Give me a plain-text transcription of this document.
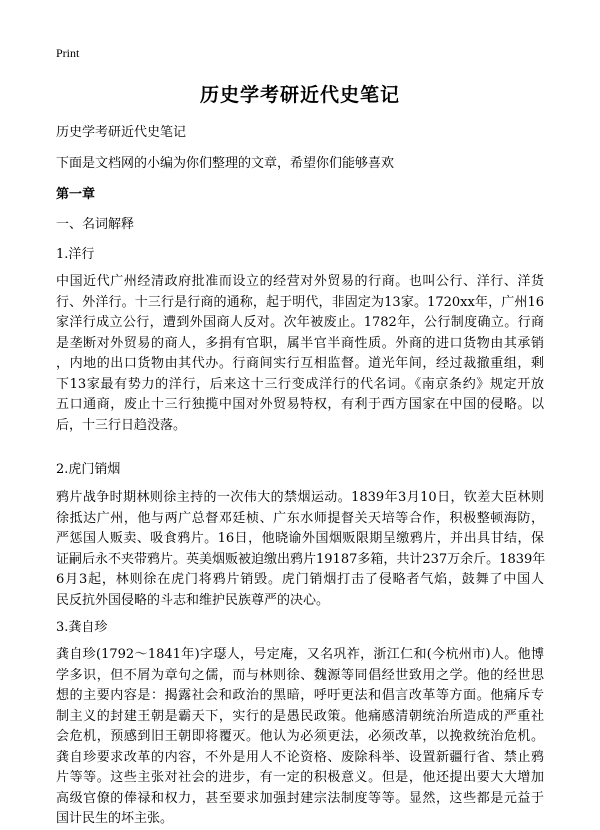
Print
历史学考研近代史笔记
历史学考研近代史笔记
下面是文档网的小编为你们整理的文章，希望你们能够喜欢
第一章
一、名词解释
1.洋行
中国近代广州经清政府批准而设立的经营对外贸易的行商。也叫公行、洋行、洋货
行、外洋行。十三行是行商的通称，起于明代，非固定为13家。1720xx年，广州16
家洋行成立公行，遭到外国商人反对。次年被废止。1782年，公行制度确立。行商
是垄断对外贸易的商人，多捐有官职，属半官半商性质。外商的进口货物由其承销
，内地的出口货物由其代办。行商间实行互相监督。道光年间，经过裁撤重组，剩
下13家最有势力的洋行，后来这十三行变成洋行的代名词。《南京条约》规定开放
五口通商，废止十三行独揽中国对外贸易特权，有利于西方国家在中国的侵略。以
后，十三行日趋没落。
2.虎门销烟
鸦片战争时期林则徐主持的一次伟大的禁烟运动。1839年3月10日，钦差大臣林则
徐抵达广州，他与两广总督邓廷桢、广东水师提督关天培等合作，积极整顿海防，
严惩国人贩卖、吸食鸦片。16日，他晓谕外国烟贩限期呈缴鸦片，并出具甘结，保
证嗣后永不夹带鸦片。英美烟贩被迫缴出鸦片19187多箱，共计237万余斤。1839年
6月3起，林则徐在虎门将鸦片销毁。虎门销烟打击了侵略者气焰，鼓舞了中国人
民反抗外国侵略的斗志和维护民族尊严的决心。
3.龚自珍
龚自珍(1792～1841年)字璱人，号定庵，又名巩祚，浙江仁和(今杭州市)人。他博
学多识，但不屑为章句之儒，而与林则徐、魏源等同倡经世致用之学。他的经世思
想的主要内容是：揭露社会和政治的黑暗，呼吁更法和倡言改革等方面。他痛斥专
制主义的封建王朝是霸天下，实行的是愚民政策。他痛感清朝统治所造成的严重社
会危机，预感到旧王朝即将覆灭。他认为必须更法，必须改革，以挽救统治危机。
龚自珍要求改革的内容，不外是用人不论资格、废除科举、设置新疆行省、禁止鸦
片等等。这些主张对社会的进步，有一定的积极意义。但是，他还提出要大大增加
高级官僚的俸禄和权力，甚至要求加强封建宗法制度等等。显然，这些都是元益于
国计民生的坏主张。
